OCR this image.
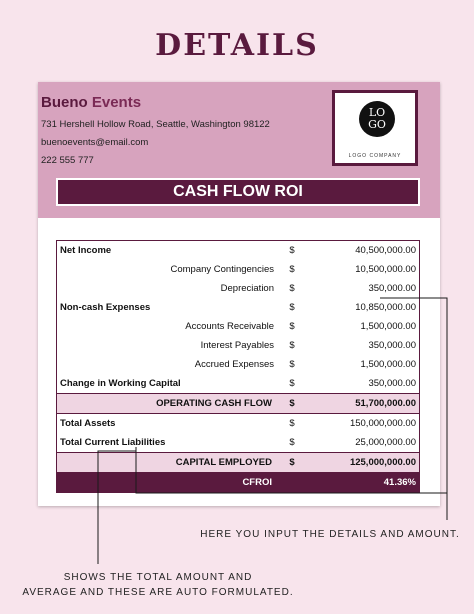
DETAILS
Bueno Events
731 Hershell Hollow Road, Seattle, Washington 98122
buenoevents@email.com
222 555 777
LO
GO
LOGO COMPANY
CASH FLOW ROI
Net Income	$	40,500,000.00
Company Contingencies	$	10,500,000.00
Depreciation	$	350,000.00
Non-cash Expenses	$	10,850,000.00
Accounts Receivable	$	1,500,000.00
Interest Payables	$	350,000.00
Accrued Expenses	$	1,500,000.00
Change in Working Capital	$	350,000.00
OPERATING CASH FLOW	$	51,700,000.00
Total Assets	$	150,000,000.00
Total Current Liabilities	$	25,000,000.00
CAPITAL EMPLOYED	$	125,000,000.00
CFROI		41.36%
HERE YOU INPUT THE DETAILS AND AMOUNT.
SHOWS THE TOTAL AMOUNT AND
AVERAGE AND THESE ARE AUTO FORMULATED.
